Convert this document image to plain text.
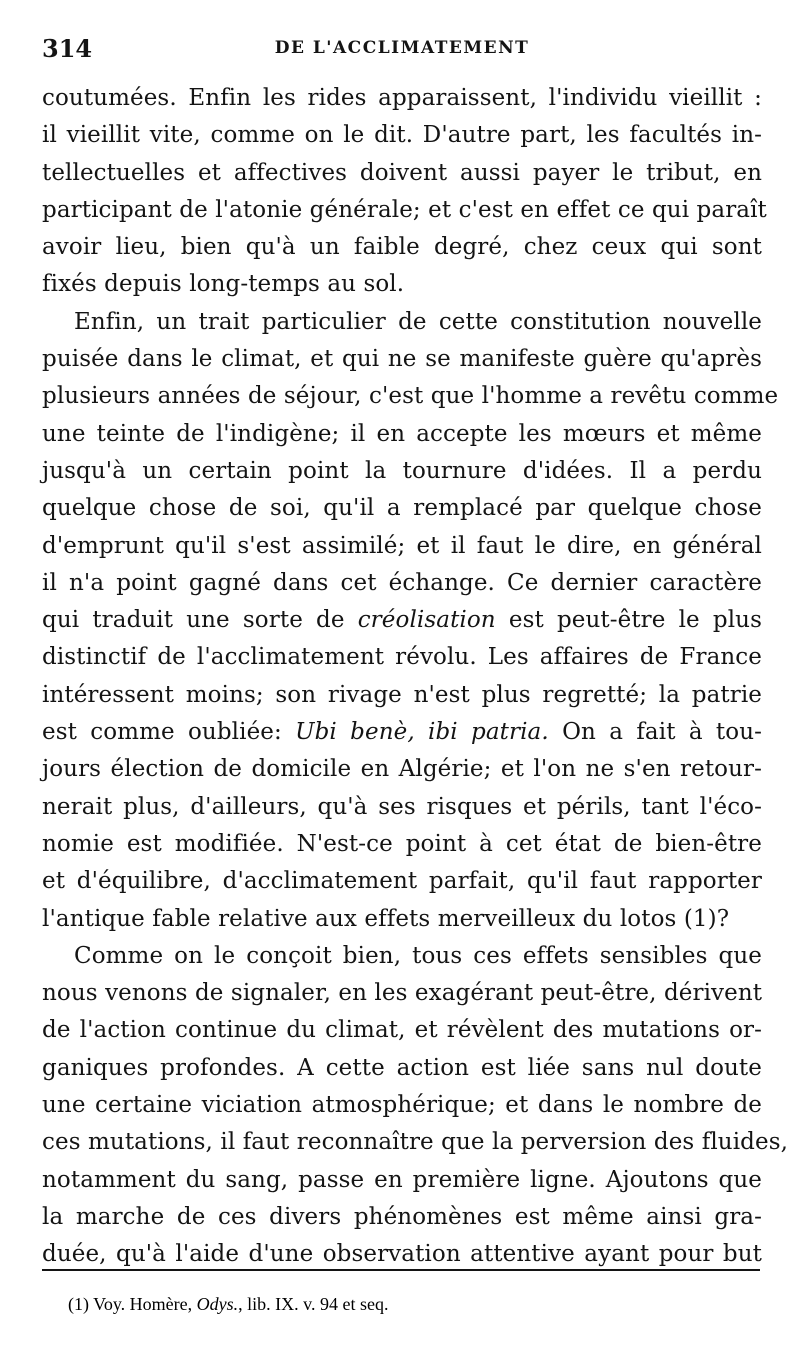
314	DE L'ACCLIMATEMENT
coutumées. Enfin les rides apparaissent, l'individu vieillit :
il vieillit vite, comme on le dit. D'autre part, les facultés in-
tellectuelles et affectives doivent aussi payer le tribut, en
participant de l'atonie générale; et c'est en effet ce qui paraît
avoir lieu, bien qu'à un faible degré, chez ceux qui sont
fixés depuis long-temps au sol.
Enfin, un trait particulier de cette constitution nouvelle
puisée dans le climat, et qui ne se manifeste guère qu'après
plusieurs années de séjour, c'est que l'homme a revêtu comme
une teinte de l'indigène; il en accepte les mœurs et même
jusqu'à un certain point la tournure d'idées. Il a perdu
quelque chose de soi, qu'il a remplacé par quelque chose
d'emprunt qu'il s'est assimilé; et il faut le dire, en général
il n'a point gagné dans cet échange. Ce dernier caractère
qui traduit une sorte de créolisation est peut-être le plus
distinctif de l'acclimatement révolu. Les affaires de France
intéressent moins; son rivage n'est plus regretté; la patrie
est comme oubliée: Ubi benè, ibi patria. On a fait à tou-
jours élection de domicile en Algérie; et l'on ne s'en retour-
nerait plus, d'ailleurs, qu'à ses risques et périls, tant l'éco-
nomie est modifiée. N'est-ce point à cet état de bien-être
et d'équilibre, d'acclimatement parfait, qu'il faut rapporter
l'antique fable relative aux effets merveilleux du lotos (1)?
Comme on le conçoit bien, tous ces effets sensibles que
nous venons de signaler, en les exagérant peut-être, dérivent
de l'action continue du climat, et révèlent des mutations or-
ganiques profondes. A cette action est liée sans nul doute
une certaine viciation atmosphérique; et dans le nombre de
ces mutations, il faut reconnaître que la perversion des fluides,
notamment du sang, passe en première ligne. Ajoutons que
la marche de ces divers phénomènes est même ainsi gra-
duée, qu'à l'aide d'une observation attentive ayant pour but
(1) Voy. Homère, Odys., lib. IX. v. 94 et seq.
